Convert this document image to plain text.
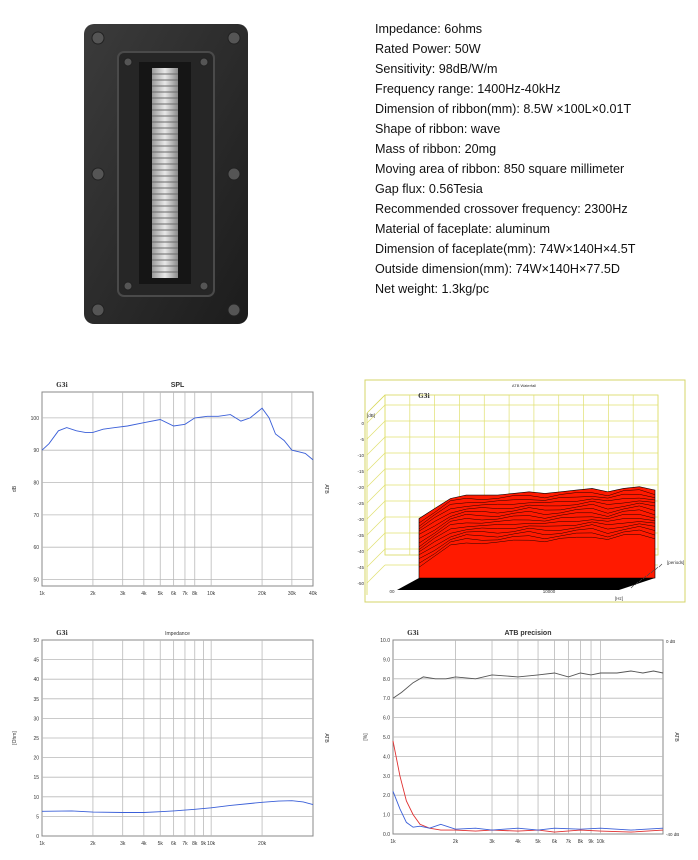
Impedance: 6ohms
Rated Power: 50W
Sensitivity: 98dB/W/m
Frequency range: 1400Hz-40kHz
Dimension of ribbon(mm): 8.5W ×100L×0.01T
Shape of ribbon: wave
Mass of ribbon: 20mg
Moving area of ribbon: 850 square millimeter
Gap flux: 0.56Tesia
Recommended crossover frequency: 2300Hz
Material of faceplate: aluminum
Dimension of faceplate(mm): 74W×140H×4.5T
Outside dimension(mm): 74W×140H×77.5D
Net weight: 1.3kg/pc
1k	2k	3k	4k 5k 6k 7k 8k 10k	20k	30k	40k
50
60
70
80
90
100
SPL
G3i
dB	ATB
0
-5
-10
-15
-20
-25
-30
-35
-40
-45
-50
[dB]
ATB Waterfall
G3i
00	10000
[Hz]
[periods]
1k	2k	3k	4k 5k 6k 7k 8k 9k 10k	20k
0
5
10
15
20
25
30
35
40
45
50
Impedance
G3i
[Ohm]	ATB
1k	2k	3k	4k	5k 6k 7k 8k 9k 10k
0.0
1.0
2.0
3.0
4.0
5.0
6.0
7.0
8.0
9.0
10.0
ATB precision
G3i
[%]	ATB
0 dB
-40 dB
